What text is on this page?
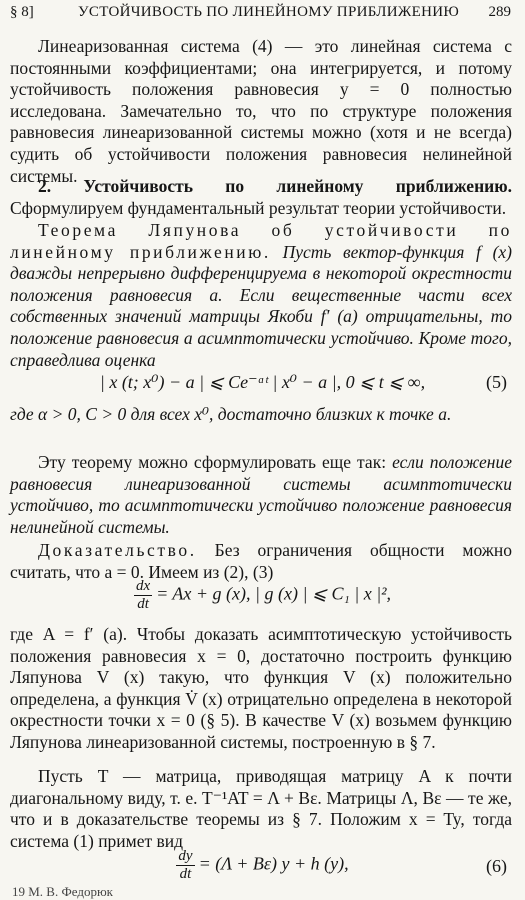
§ 8]	УСТОЙЧИВОСТЬ ПО ЛИНЕЙНОМУ ПРИБЛИЖЕНИЮ 289
Линеаризованная система (4) — это линейная система с постоянными коэффициентами; она интегрируется, и потому устойчивость положения равновесия y = 0 полностью исследована. Замечательно то, что по структуре положения равновесия линеаризованной системы можно (хотя и не всегда) судить об устойчивости положения равновесия нелинейной системы.
2. Устойчивость по линейному приближению. Сформулируем фундаментальный результат теории устойчивости.
Теорема Ляпунова об устойчивости по линейному приближению. Пусть вектор-функция f (x) дважды непрерывно дифференцируема в некоторой окрестности положения равновесия a. Если вещественные части всех собственных значений матрицы Якоби f′ (a) отрицательны, то положение равновесия a асимптотически устойчиво. Кроме того, справедлива оценка
| x (t; x⁰) − a | ⩽ Ce⁻ᵅᵗ | x⁰ − a |, 0 ⩽ t ⩽ ∞,	(5)
где α > 0, C > 0 для всех x⁰, достаточно близких к точке a.
Эту теорему можно сформулировать еще так: если положение равновесия линеаризованной системы асимптотически устойчиво, то асимптотически устойчиво положение равновесия нелинейной системы.
Доказательство. Без ограничения общности можно считать, что a = 0. Имеем из (2), (3)
$\frac{dx}{dt} = Ax + g$ (x), | g (x) | ⩽ C₁ | x |²,
где A = f′ (a). Чтобы доказать асимптотическую устойчивость положения равновесия x = 0, достаточно построить функцию Ляпунова V (x) такую, что функция V (x) положительно определена, а функция V̇ (x) отрицательно определена в некоторой окрестности точки x = 0 (§ 5). В качестве V (x) возьмем функцию Ляпунова линеаризованной системы, построенную в § 7.
Пусть T — матрица, приводящая матрицу A к почти диагональному виду, т. е. T⁻¹AT = Λ + Bε. Матрицы Λ, Bε — те же, что и в доказательстве теоремы из § 7. Положим x = Ty, тогда система (1) примет вид
$\frac{dy}{dt} = (\Lambda + B\varepsilon) y + h$ (y),	(6)
19 М. В. Федорюк
